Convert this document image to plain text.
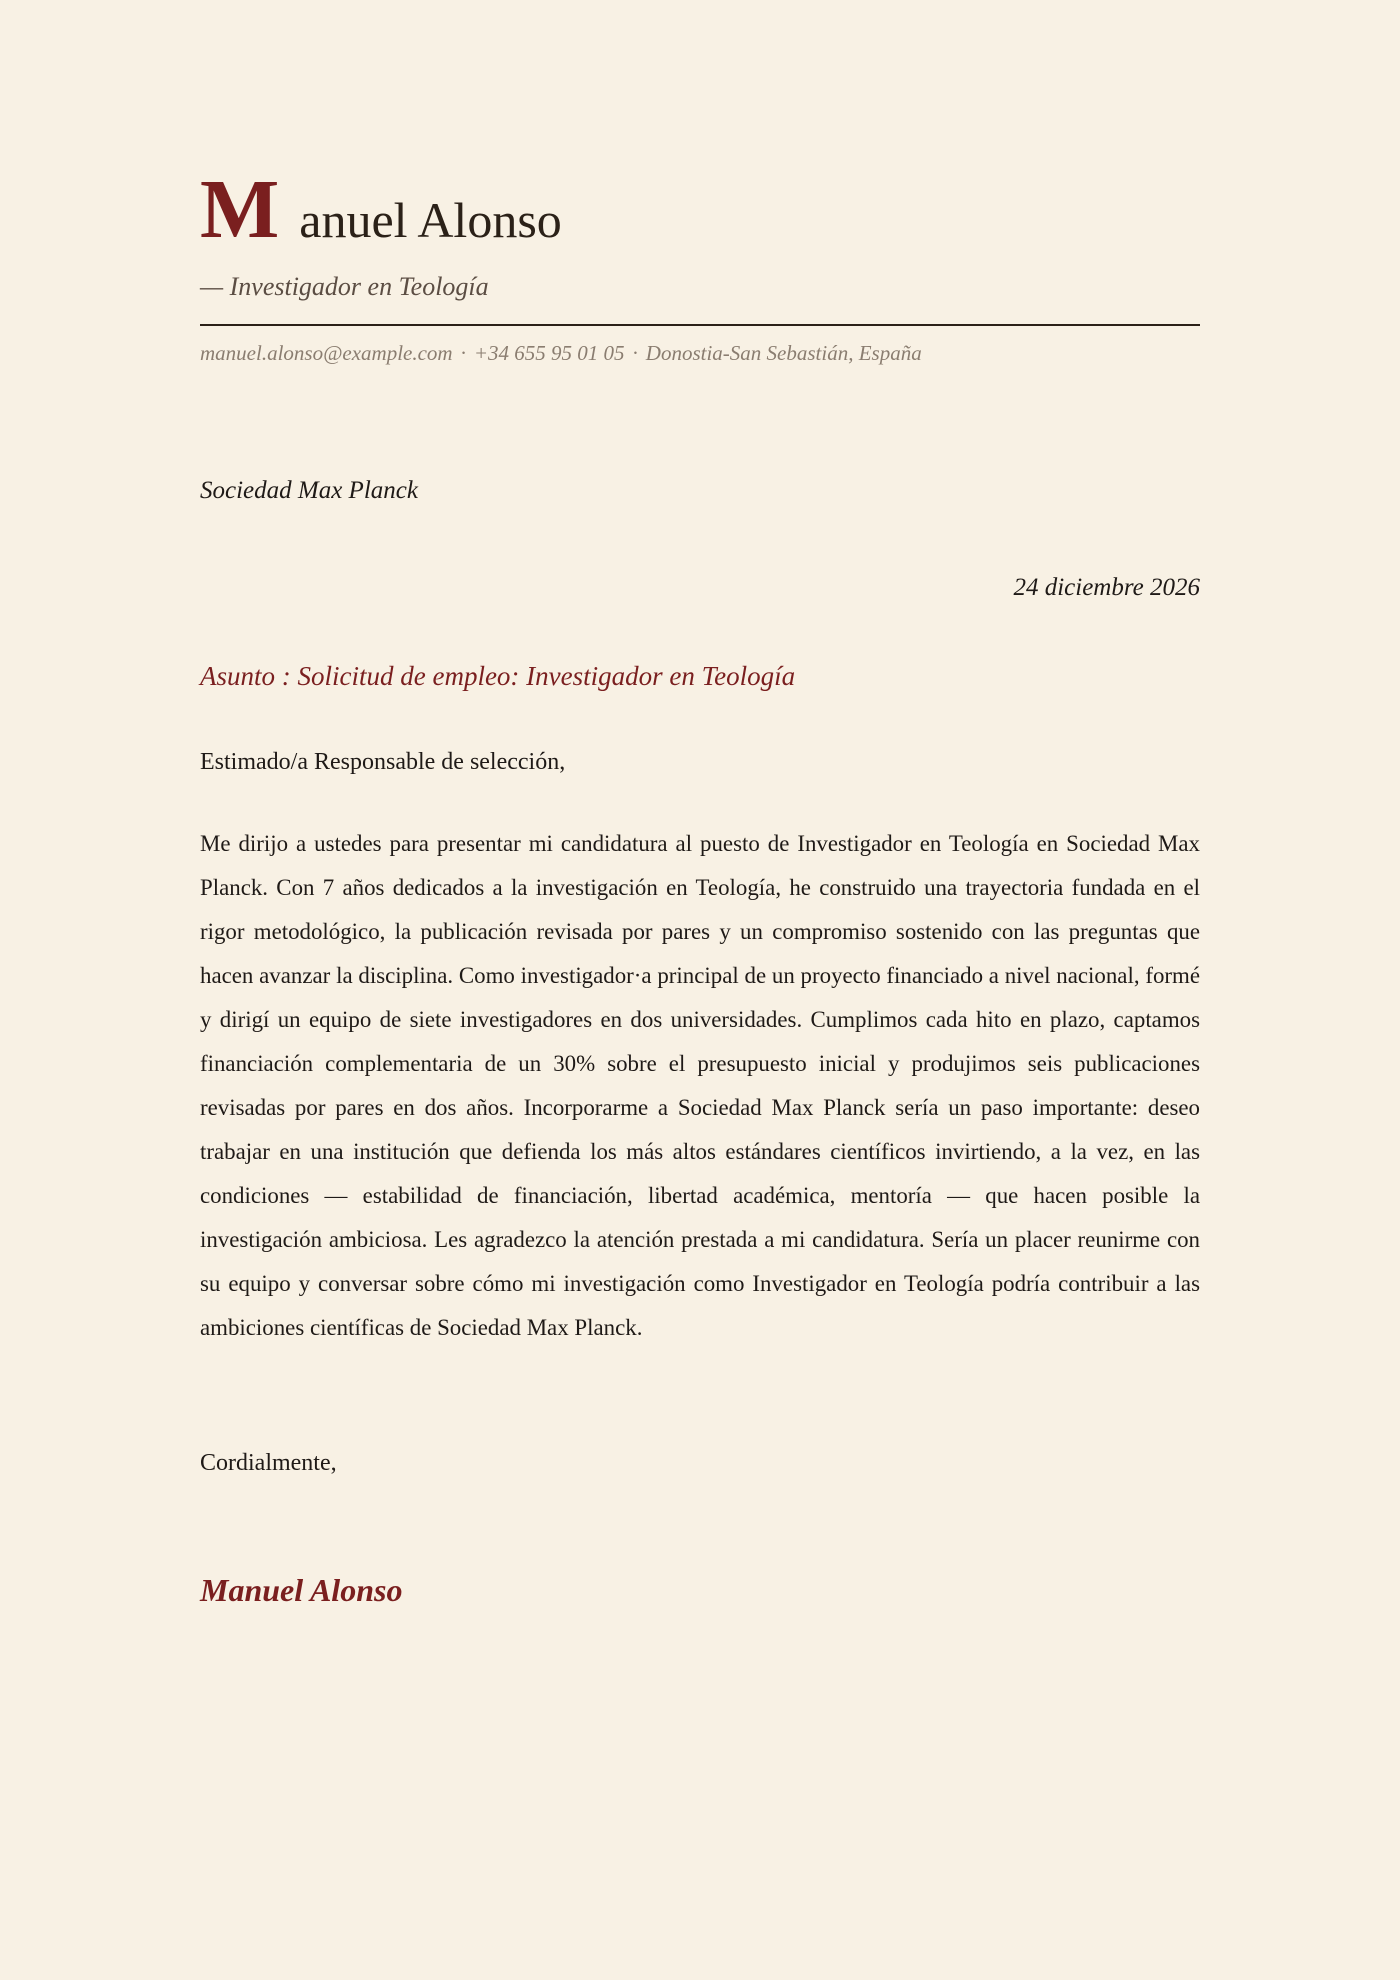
M anuel Alonso
— Investigador en Teología
manuel.alonso@example.com · +34 655 95 01 05 · Donostia-San Sebastián, España
Sociedad Max Planck
24 diciembre 2026
Asunto : Solicitud de empleo: Investigador en Teología
Estimado/a Responsable de selección,

Me dirijo a ustedes para presentar mi candidatura al puesto de Investigador en Teología en Sociedad Max Planck. Con 7 años dedicados a la investigación en Teología, he construido una trayectoria fundada en el rigor metodológico, la publicación revisada por pares y un compromiso sostenido con las preguntas que hacen avanzar la disciplina. Como investigador·a principal de un proyecto financiado a nivel nacional, formé y dirigí un equipo de siete investigadores en dos universidades. Cumplimos cada hito en plazo, captamos financiación complementaria de un 30% sobre el presupuesto inicial y produjimos seis publicaciones revisadas por pares en dos años. Incorporarme a Sociedad Max Planck sería un paso importante: deseo trabajar en una institución que defienda los más altos estándares científicos invirtiendo, a la vez, en las condiciones — estabilidad de financiación, libertad académica, mentoría — que hacen posible la investigación ambiciosa. Les agradezco la atención prestada a mi candidatura. Sería un placer reunirme con su equipo y conversar sobre cómo mi investigación como Investigador en Teología podría contribuir a las ambiciones científicas de Sociedad Max Planck.

Cordialmente,
Manuel Alonso
